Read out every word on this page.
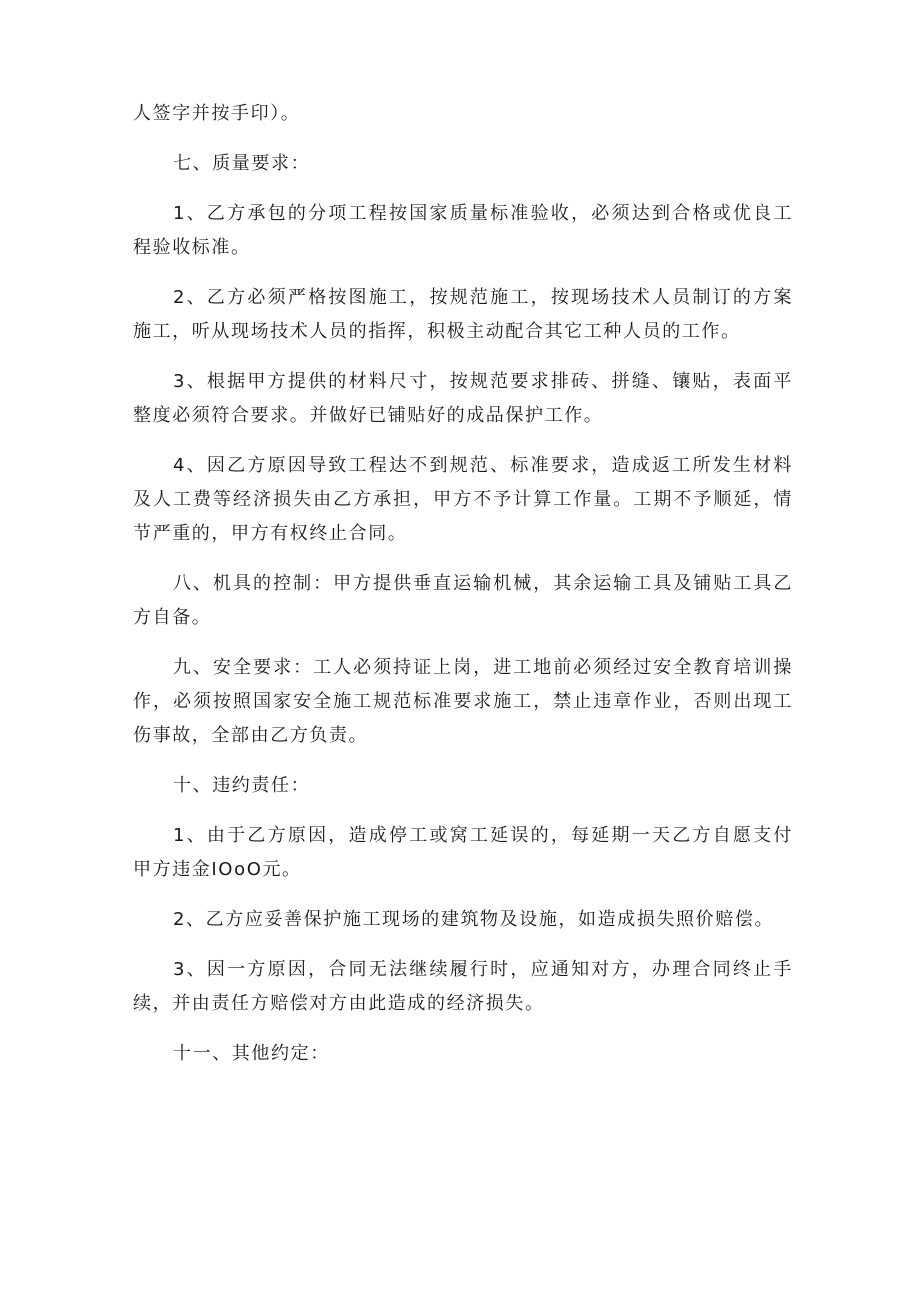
人签字并按手印）。

七、质量要求：

1、乙方承包的分项工程按国家质量标准验收，必须达到合格或优良工程验收标准。

2、乙方必须严格按图施工，按规范施工，按现场技术人员制订的方案施工，听从现场技术人员的指挥，积极主动配合其它工种人员的工作。

3、根据甲方提供的材料尺寸，按规范要求排砖、拼缝、镶贴，表面平整度必须符合要求。并做好已铺贴好的成品保护工作。

4、因乙方原因导致工程达不到规范、标准要求，造成返工所发生材料及人工费等经济损失由乙方承担，甲方不予计算工作量。工期不予顺延，情节严重的，甲方有权终止合同。

八、机具的控制：甲方提供垂直运输机械，其余运输工具及铺贴工具乙方自备。

九、安全要求：工人必须持证上岗，进工地前必须经过安全教育培训操作，必须按照国家安全施工规范标准要求施工，禁止违章作业，否则出现工伤事故，全部由乙方负责。

十、违约责任：

1、由于乙方原因，造成停工或窝工延误的，每延期一天乙方自愿支付甲方违金IOoO元。

2、乙方应妥善保护施工现场的建筑物及设施，如造成损失照价赔偿。

3、因一方原因，合同无法继续履行时，应通知对方，办理合同终止手续，并由责任方赔偿对方由此造成的经济损失。

十一、其他约定：
